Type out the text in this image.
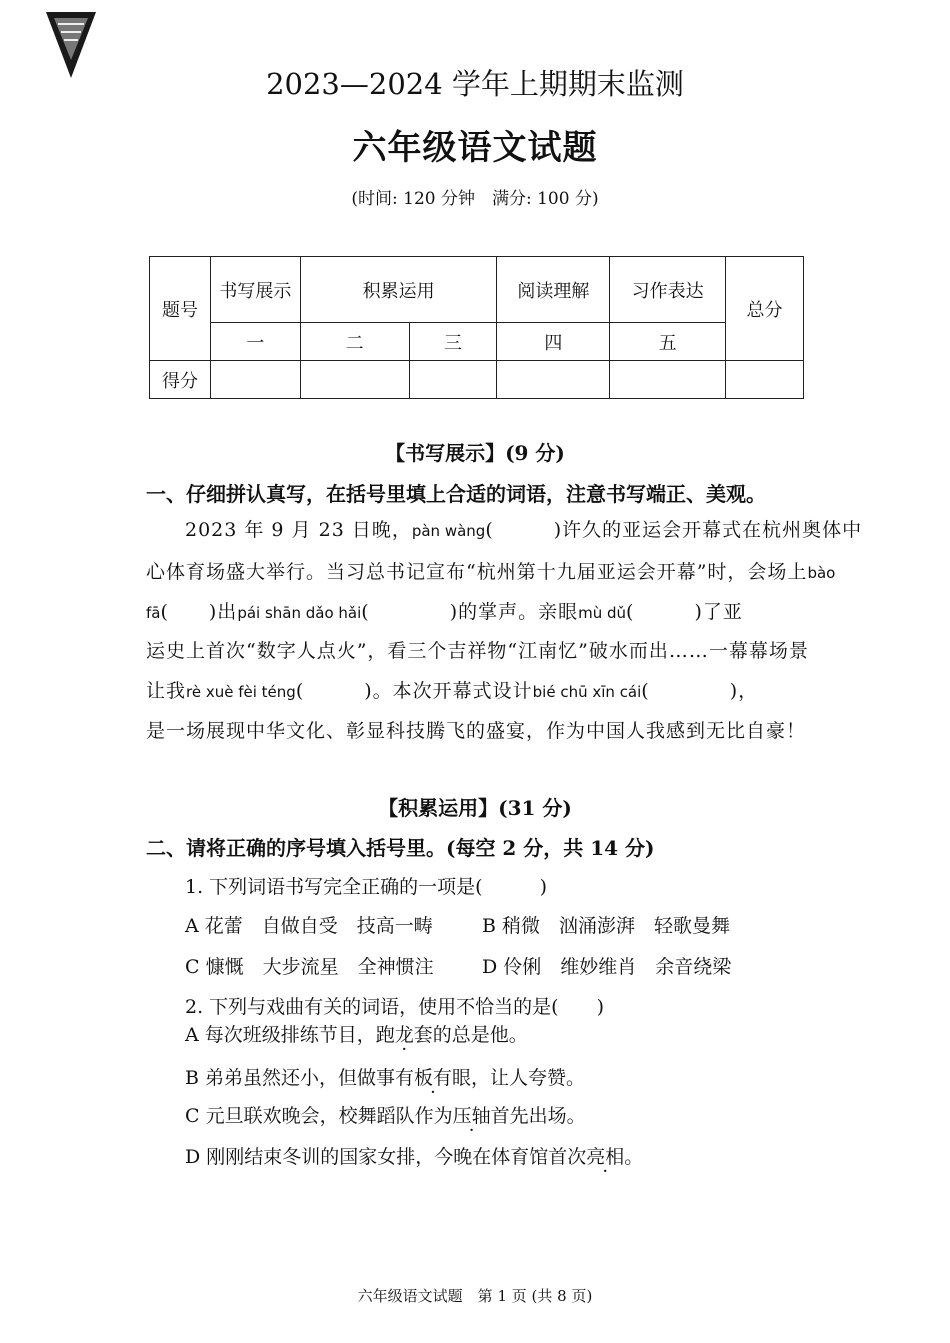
2023—2024 学年上期期末监测
六年级语文试题
(时间: 120 分钟　满分: 100 分)
题号	书写展示	积累运用		阅读理解	习作表达	总分
	一	二	三	四	五	
得分						
【书写展示】(9 分)
一、仔细拼认真写，在括号里填上合适的词语，注意书写端正、美观。
2023 年 9 月 23 日晚，pàn wàng(　　　)许久的亚运会开幕式在杭州奥体中
心体育场盛大举行。当习总书记宣布“杭州第十九届亚运会开幕”时，会场上bào
fā(　　)出pái shān dǎo hǎi(　　　　)的掌声。亲眼mù dǔ(　　　)了亚
运史上首次“数字人点火”，看三个吉祥物“江南忆”破水而出……一幕幕场景
让我rè xuè fèi téng(　　　)。本次开幕式设计bié chū xīn cái(　　　　)，
是一场展现中华文化、彰显科技腾飞的盛宴，作为中国人我感到无比自豪！
【积累运用】(31 分)
二、请将正确的序号填入括号里。(每空 2 分，共 14 分)
1. 下列词语书写完全正确的一项是(　　　)
A 花蕾　自做自受　技高一畴	B 稍微　汹涌澎湃　轻歌曼舞
C 慷慨　大步流星　全神惯注	D 伶俐　维妙维肖　余音绕梁
2. 下列与戏曲有关的词语，使用不恰当的是(　　)
A 每次班级排练节目，跑龙套的总是他。
B 弟弟虽然还小，但做事有板有眼，让人夸赞。
C 元旦联欢晚会，校舞蹈队作为压轴首先出场。
D 刚刚结束冬训的国家女排，今晚在体育馆首次亮相。
六年级语文试题　第 1 页 (共 8 页)
